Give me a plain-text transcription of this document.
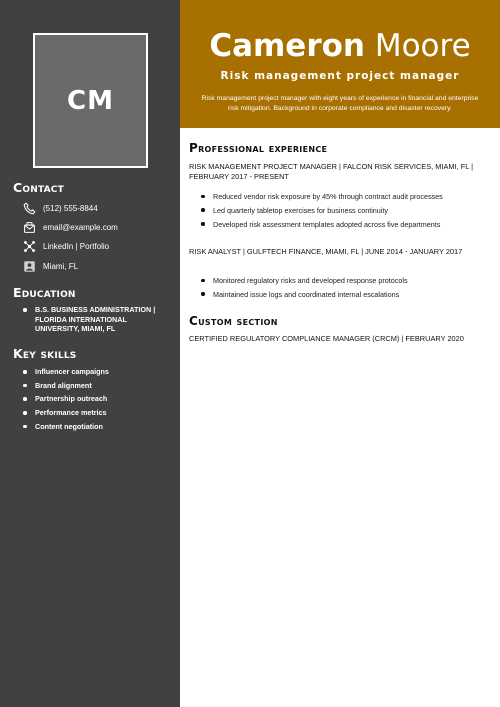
CM
Contact
(512) 555-8844
email@example.com
LinkedIn | Portfolio
Miami, FL
Education
B.S. BUSINESS ADMINISTRATION | FLORIDA INTERNATIONAL UNIVERSITY, MIAMI, FL
Key skills
Influencer campaigns
Brand alignment
Partnership outreach
Performance metrics
Content negotiation
Cameron Moore
Risk management project manager
Risk management project manager with eight years of experience in financial and enterprise risk mitigation. Background in corporate compliance and disaster recovery.
Professional experience
RISK MANAGEMENT PROJECT MANAGER | FALCON RISK SERVICES, MIAMI, FL | FEBRUARY 2017 - PRESENT
Reduced vendor risk exposure by 45% through contract audit processes
Led quarterly tabletop exercises for business continuity
Developed risk assessment templates adopted across five departments
RISK ANALYST | GULFTECH FINANCE, MIAMI, FL | JUNE 2014 - JANUARY 2017
Monitored regulatory risks and developed response protocols
Maintained issue logs and coordinated internal escalations
Custom section
CERTIFIED REGULATORY COMPLIANCE MANAGER (CRCM) | FEBRUARY 2020
